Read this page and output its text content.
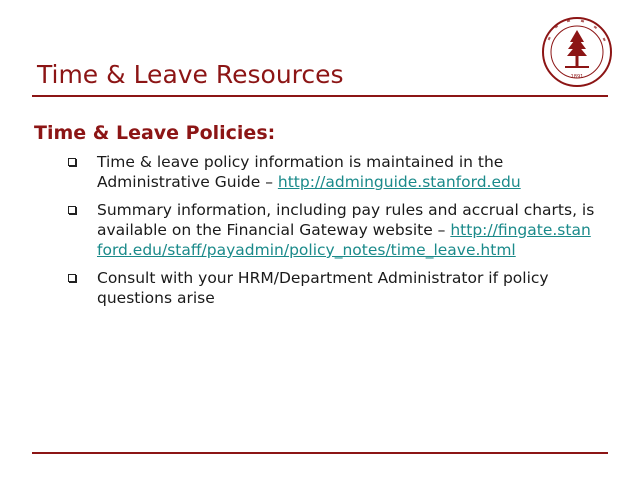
1891
Time & Leave Resources
Time & Leave Policies:
Time & leave policy information is maintained in the Administrative Guide – http://adminguide.stanford.edu
Summary information, including pay rules and accrual charts, is available on the Financial Gateway website – http://fingate.stanford.edu/staff/payadmin/policy_notes/time_leave.html
Consult with your HRM/Department Administrator if policy questions arise
